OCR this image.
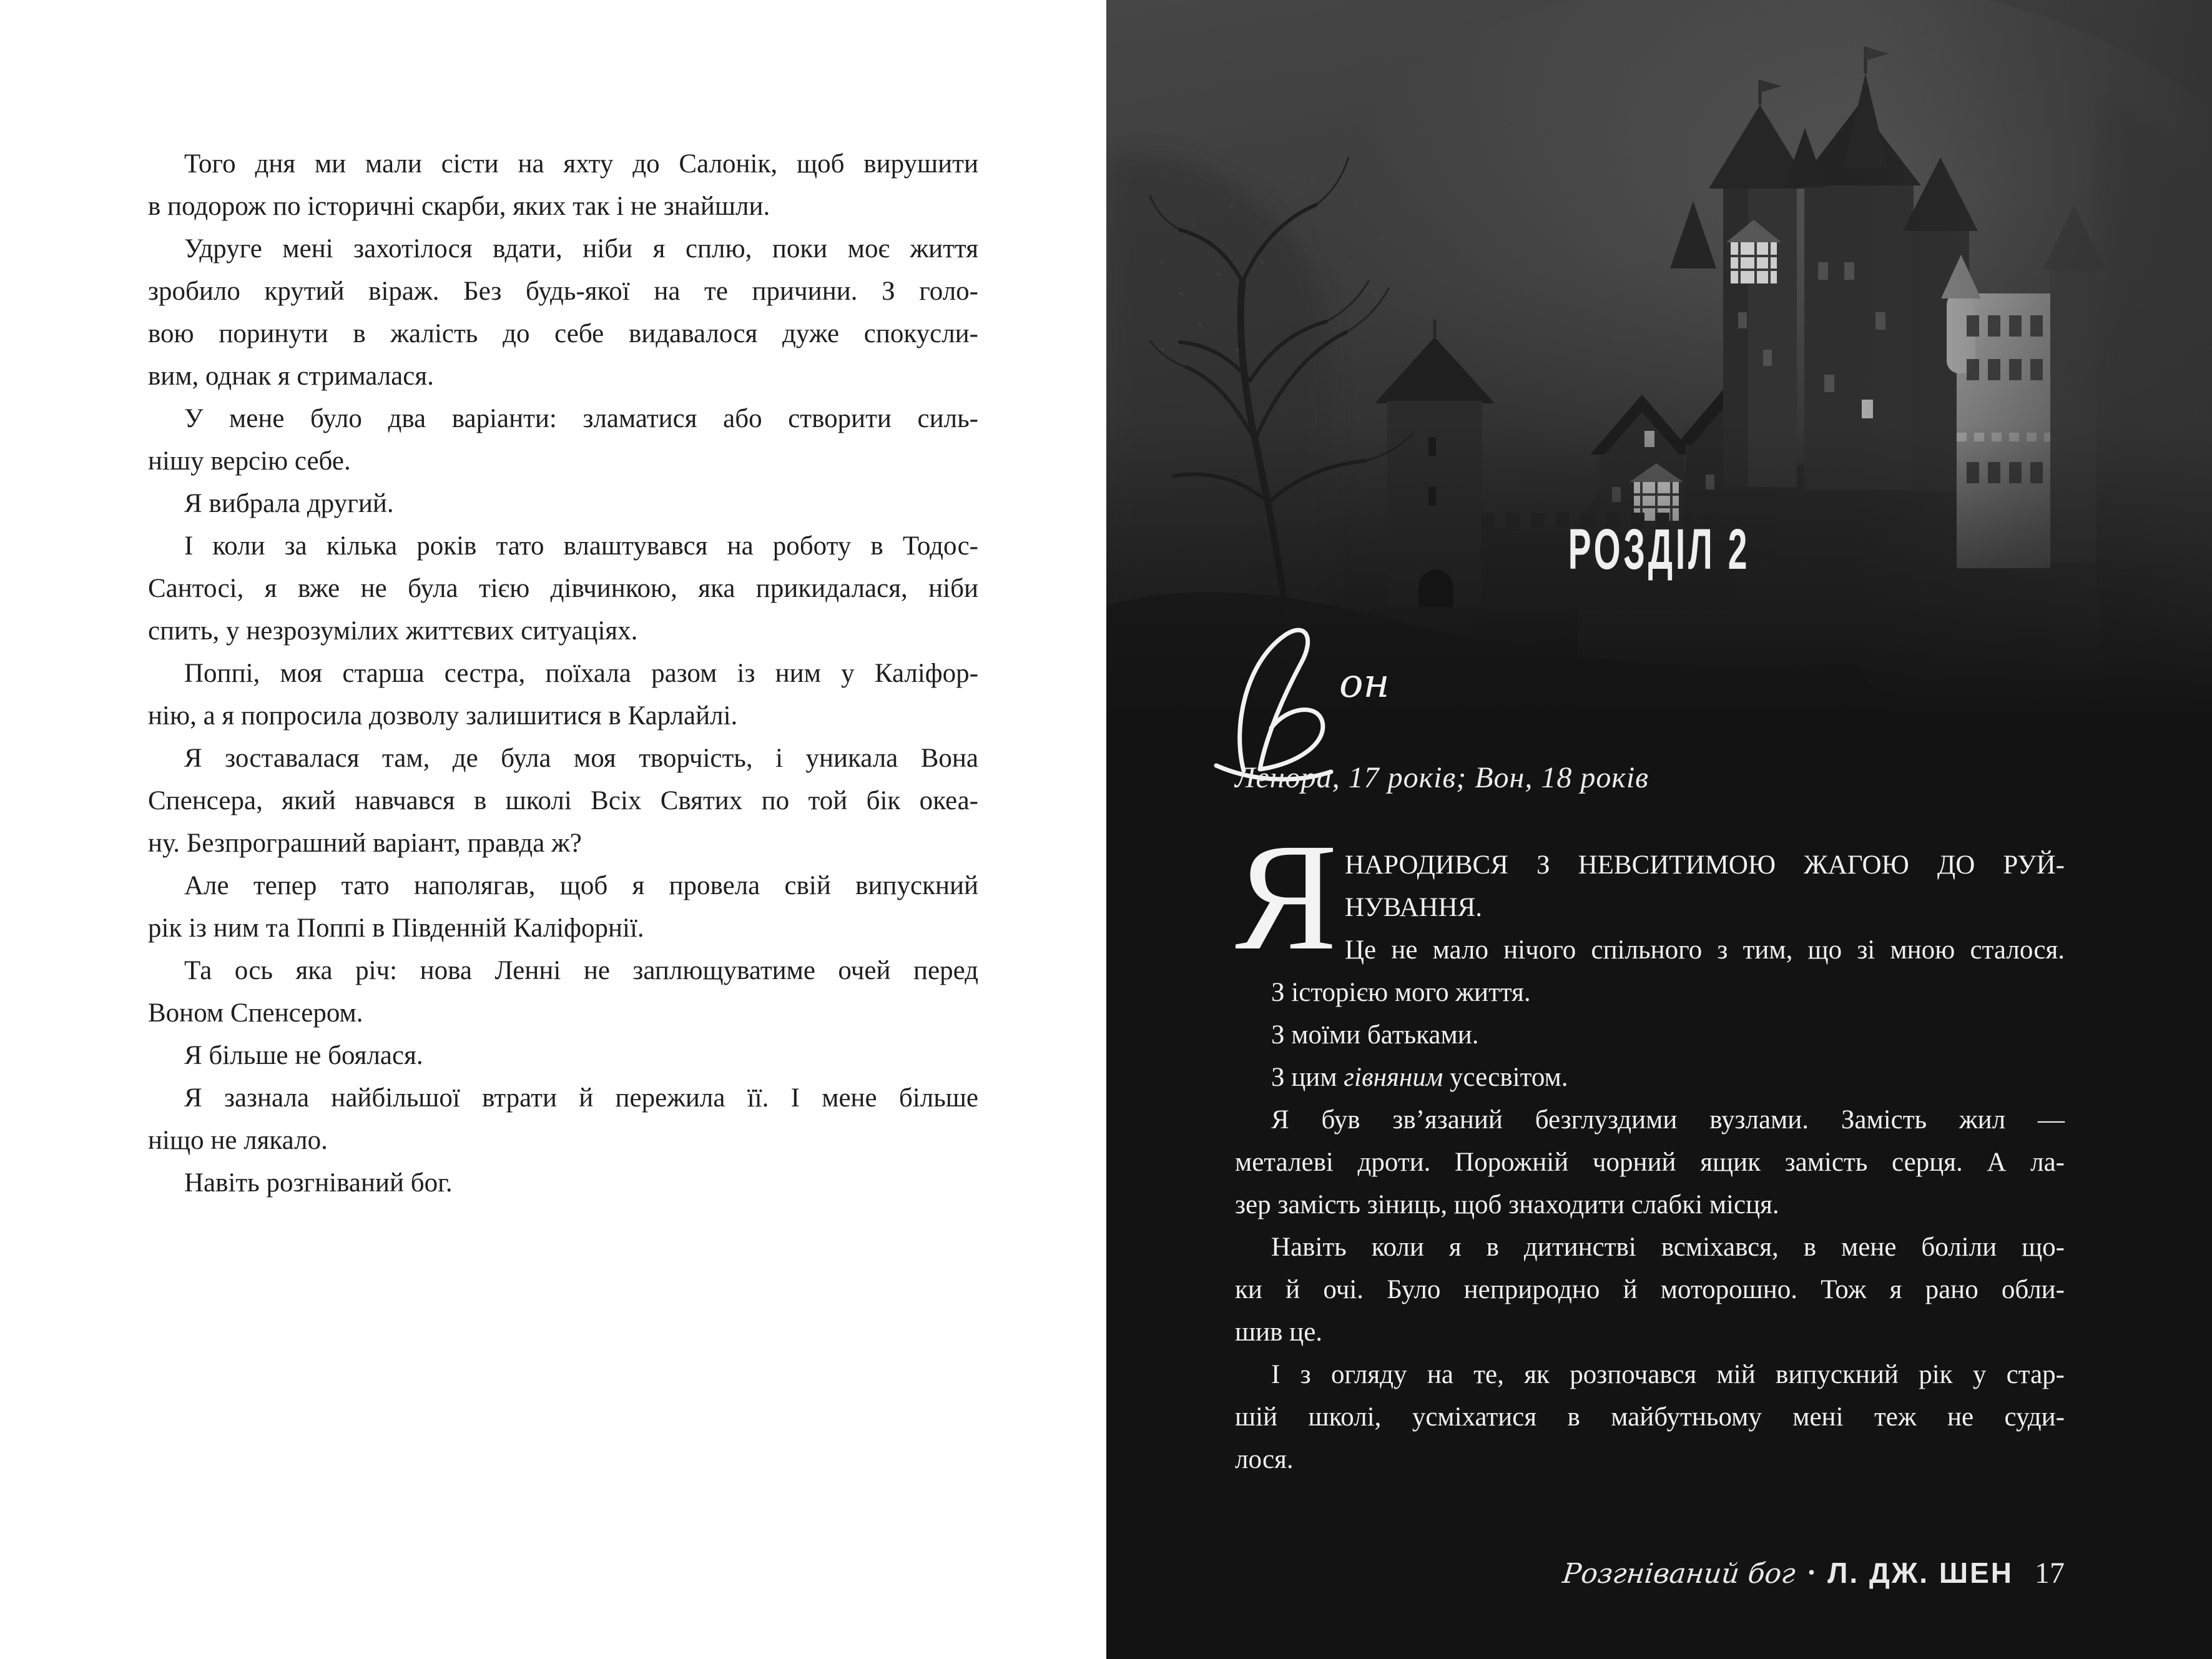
Того дня ми мали сісти на яхту до Салонік, щоб вирушити
в подорож по історичні скарби, яких так і не знайшли.
Удруге мені захотілося вдати, ніби я сплю, поки моє життя
зробило крутий віраж. Без будь-якої на те причини. З голо-
вою поринути в жалість до себе видавалося дуже спокусли-
вим, однак я стрималася.
У мене було два варіанти: зламатися або створити силь-
нішу версію себе.
Я вибрала другий.
І коли за кілька років тато влаштувався на роботу в Тодос-
Сантосі, я вже не була тією дівчинкою, яка прикидалася, ніби
спить, у незрозумілих життєвих ситуаціях.
Поппі, моя старша сестра, поїхала разом із ним у Каліфор-
нію, а я попросила дозволу залишитися в Карлайлі.
Я зоставалася там, де була моя творчість, і уникала Вона
Спенсера, який навчався в школі Всіх Святих по той бік океа-
ну. Безпрограшний варіант, правда ж?
Але тепер тато наполягав, щоб я провела свій випускний
рік із ним та Поппі в Південній Каліфорнії.
Та ось яка річ: нова Ленні не заплющуватиме очей перед
Воном Спенсером.
Я більше не боялася.
Я зазнала найбільшої втрати й пережила її. І мене більше
ніщо не лякало.
Навіть розгніваний бог.
РОЗДІЛ 2
он
Ленора, 17 років; Вон, 18 років
Я НАРОДИВСЯ З НЕВСИТИМОЮ ЖАГОЮ ДО РУЙ-
НУВАННЯ.
Це не мало нічого спільного з тим, що зі мною сталося.
З історією мого життя.
З моїми батьками.
З цим гівняним усесвітом.
Я був зв’язаний безглуздими вузлами. Замість жил —
металеві дроти. Порожній чорний ящик замість серця. А ла-
зер замість зіниць, щоб знаходити слабкі місця.
Навіть коли я в дитинстві всміхався, в мене боліли що-
ки й очі. Було неприродно й моторошно. Тож я рано обли-
шив це.
І з огляду на те, як розпочався мій випускний рік у стар-
шій школі, усміхатися в майбутньому мені теж не суди-
лося.
Розгніваний бог • Л. ДЖ. ШЕН 17
